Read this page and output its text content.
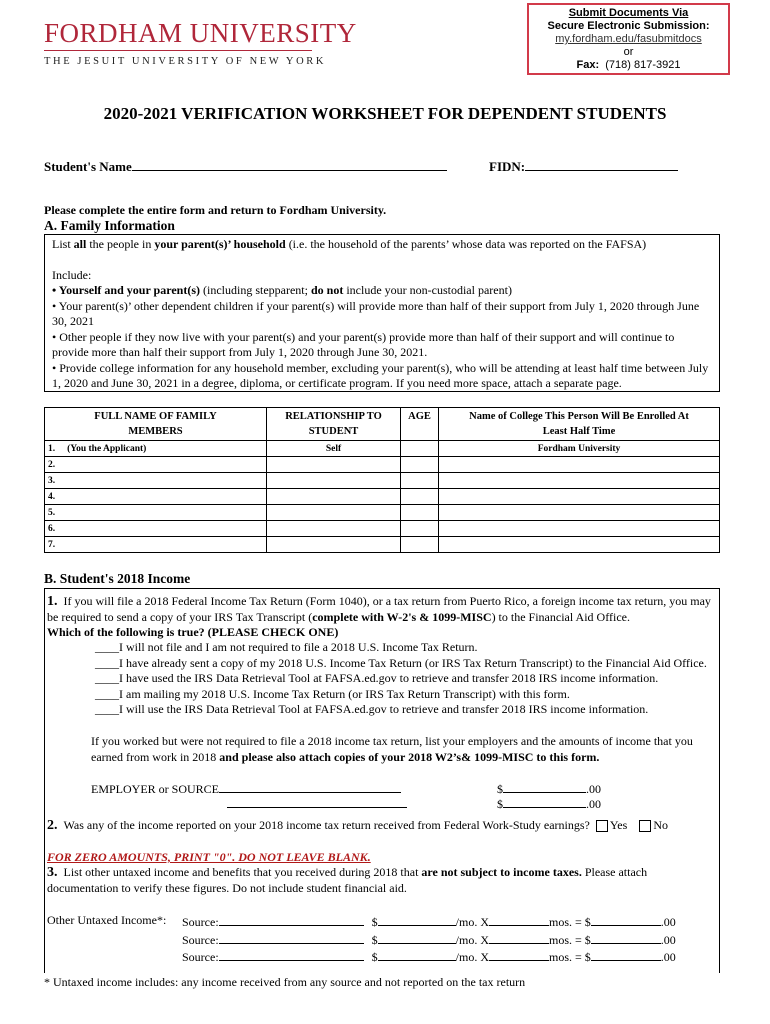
FORDHAM UNIVERSITY
THE JESUIT UNIVERSITY OF NEW YORK
Submit Documents Via
Secure Electronic Submission:
my.fordham.edu/fasubmitdocs
or
Fax: (718) 817-3921
2020-2021 VERIFICATION WORKSHEET FOR DEPENDENT STUDENTS
Student's Name	FIDN:
Please complete the entire form and return to Fordham University.
A. Family Information

List all the people in your parent(s)’ household (i.e. the household of the parents’ whose data was reported on the FAFSA)

Include:

• Yourself and your parent(s) (including stepparent; do not include your non-custodial parent)

• Your parent(s)’ other dependent children if your parent(s) will provide more than half of their support from July 1, 2020 through June 30, 2021

• Other people if they now live with your parent(s) and your parent(s) provide more than half of their support and will continue to provide more than half their support from July 1, 2020 through June 30, 2021.

• Provide college information for any household member, excluding your parent(s), who will be attending at least half time between July 1, 2020 and June 30, 2021 in a degree, diploma, or certificate program. If you need more space, attach a separate page.

FULL NAME OF FAMILY MEMBERS	RELATIONSHIP TO STUDENT	AGE	Name of College This Person Will Be Enrolled At Least Half Time
1. (You the Applicant)	Self		Fordham University
2.			
3.			
4.			
5.			
6.			
7.			
B. Student's 2018 Income
1. If you will file a 2018 Federal Income Tax Return (Form 1040), or a tax return from Puerto Rico, a foreign income tax return, you may be required to send a copy of your IRS Tax Transcript (complete with W-2's & 1099-MISC) to the Financial Aid Office.
Which of the following is true? (PLEASE CHECK ONE)
____I will not file and I am not required to file a 2018 U.S. Income Tax Return.
____I have already sent a copy of my 2018 U.S. Income Tax Return (or IRS Tax Return Transcript) to the Financial Aid Office.
____I have used the IRS Data Retrieval Tool at FAFSA.ed.gov to retrieve and transfer 2018 IRS income information.
____I am mailing my 2018 U.S. Income Tax Return (or IRS Tax Return Transcript) with this form.
____I will use the IRS Data Retrieval Tool at FAFSA.ed.gov to retrieve and transfer 2018 IRS income information.
If you worked but were not required to file a 2018 income tax return, list your employers and the amounts of income that you earned from work in 2018 and please also attach copies of your 2018 W2’s& 1099-MISC to this form.
EMPLOYER or SOURCE	$	.00
$	.00
2. Was any of the income reported on your 2018 income tax return received from Federal Work-Study earnings? Yes No
FOR ZERO AMOUNTS, PRINT "0". DO NOT LEAVE BLANK.
3. List other untaxed income and benefits that you received during 2018 that are not subject to income taxes. Please attach documentation to verify these figures. Do not include student financial aid.
Other Untaxed Income*: Source:	$	/mo. X	mos. = $	.00
Source:	$	/mo. X	mos. = $	.00
Source:	$	/mo. X	mos. = $	.00
* Untaxed income includes: any income received from any source and not reported on the tax return
